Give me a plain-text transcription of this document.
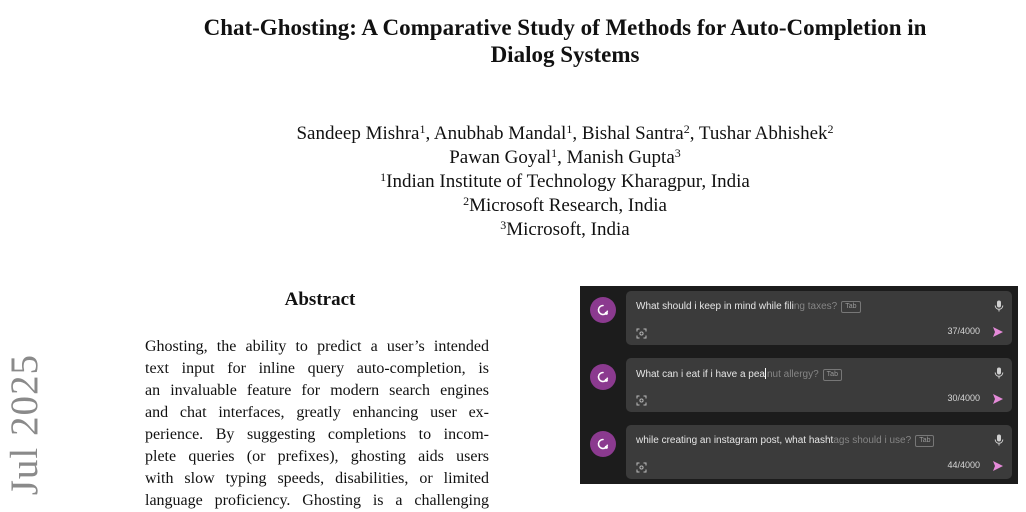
Chat-Ghosting: A Comparative Study of Methods for Auto-Completion in
Dialog Systems
Sandeep Mishra$^1$, Anubhab Mandal$^1$, Bishal Santra$^2$, Tushar Abhishek$^2$
Pawan Goyal$^1$, Manish Gupta$^3$
$^1$Indian Institute of Technology Kharagpur, India
$^2$Microsoft Research, India
$^3$Microsoft, India
Jul 2025
Abstract
Ghosting, the ability to predict a user’s intended
text input for inline query auto-completion, is
an invaluable feature for modern search engines
and chat interfaces, greatly enhancing user ex-
perience. By suggesting completions to incom-
plete queries (or prefixes), ghosting aids users
with slow typing speeds, disabilities, or limited
language proficiency. Ghosting is a challenging
What should i keep in mind while filing taxes? Tab
37/4000
What can i eat if i have a pea nut allergy? Tab
30/4000
while creating an instagram post, what hashtags should i use? Tab
44/4000
